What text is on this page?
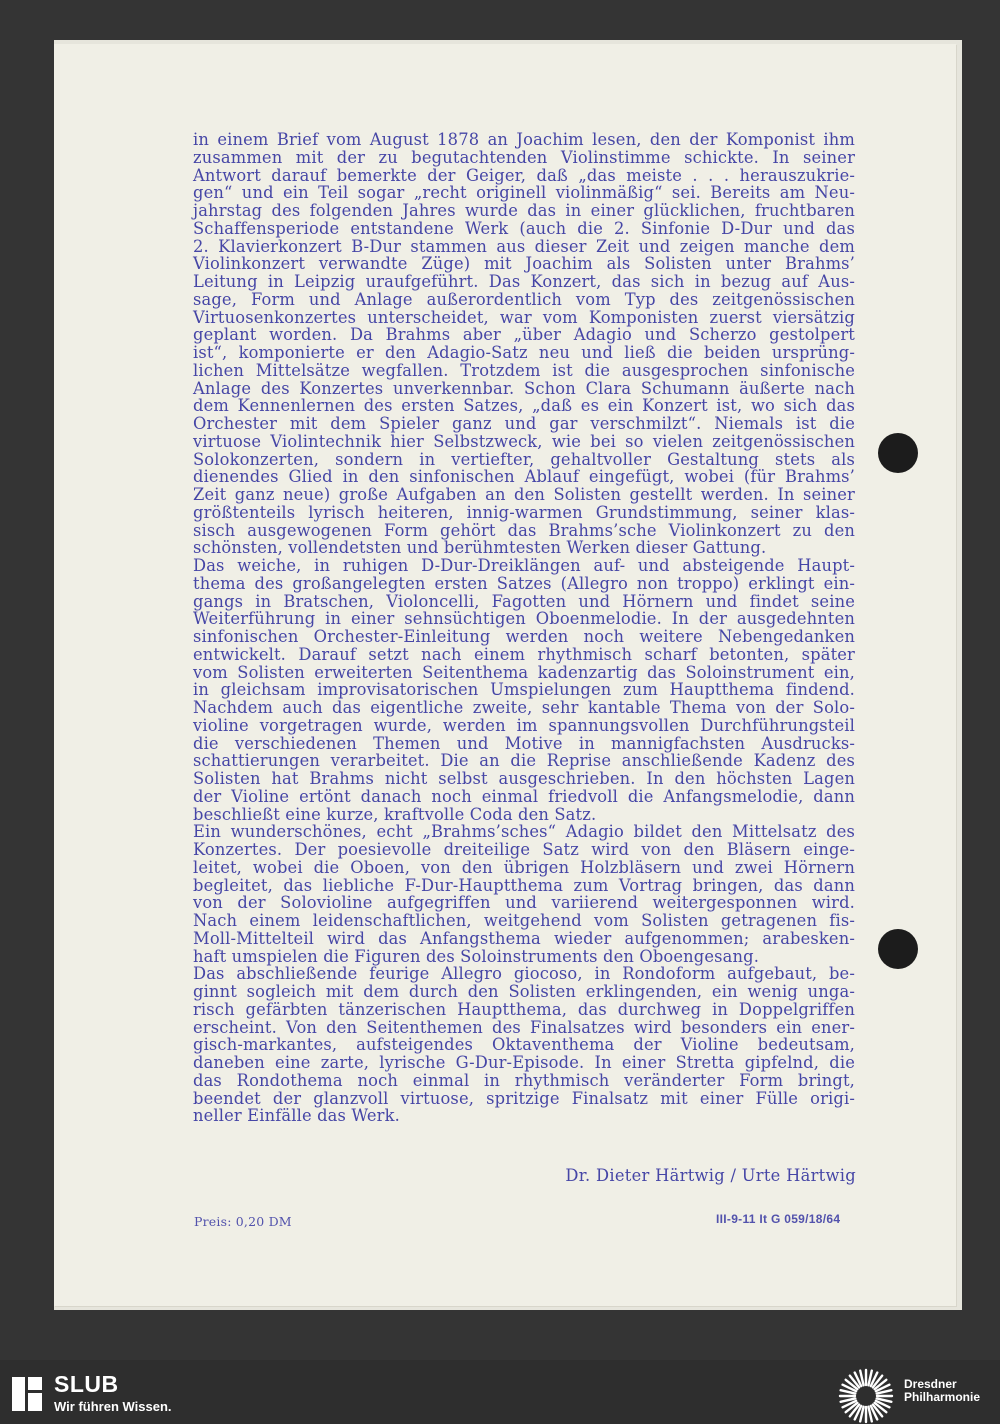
in einem Brief vom August 1878 an Joachim lesen, den der Komponist ihm
zusammen mit der zu begutachtenden Violinstimme schickte. In seiner
Antwort darauf bemerkte der Geiger, daß „das meiste . . . herauszukrie-
gen“ und ein Teil sogar „recht originell violinmäßig“ sei. Bereits am Neu-
jahrstag des folgenden Jahres wurde das in einer glücklichen, fruchtbaren
Schaffensperiode entstandene Werk (auch die 2. Sinfonie D-Dur und das
2. Klavierkonzert B-Dur stammen aus dieser Zeit und zeigen manche dem
Violinkonzert verwandte Züge) mit Joachim als Solisten unter Brahms’
Leitung in Leipzig uraufgeführt. Das Konzert, das sich in bezug auf Aus-
sage, Form und Anlage außerordentlich vom Typ des zeitgenössischen
Virtuosenkonzertes unterscheidet, war vom Komponisten zuerst viersätzig
geplant worden. Da Brahms aber „über Adagio und Scherzo gestolpert
ist“, komponierte er den Adagio-Satz neu und ließ die beiden ursprüng-
lichen Mittelsätze wegfallen. Trotzdem ist die ausgesprochen sinfonische
Anlage des Konzertes unverkennbar. Schon Clara Schumann äußerte nach
dem Kennenlernen des ersten Satzes, „daß es ein Konzert ist, wo sich das
Orchester mit dem Spieler ganz und gar verschmilzt“. Niemals ist die
virtuose Violintechnik hier Selbstzweck, wie bei so vielen zeitgenössischen
Solokonzerten, sondern in vertiefter, gehaltvoller Gestaltung stets als
dienendes Glied in den sinfonischen Ablauf eingefügt, wobei (für Brahms’
Zeit ganz neue) große Aufgaben an den Solisten gestellt werden. In seiner
größtenteils lyrisch heiteren, innig-warmen Grundstimmung, seiner klas-
sisch ausgewogenen Form gehört das Brahms’sche Violinkonzert zu den
schönsten, vollendetsten und berühmtesten Werken dieser Gattung.
Das weiche, in ruhigen D-Dur-Dreiklängen auf- und absteigende Haupt-
thema des großangelegten ersten Satzes (Allegro non troppo) erklingt ein-
gangs in Bratschen, Violoncelli, Fagotten und Hörnern und findet seine
Weiterführung in einer sehnsüchtigen Oboenmelodie. In der ausgedehnten
sinfonischen Orchester-Einleitung werden noch weitere Nebengedanken
entwickelt. Darauf setzt nach einem rhythmisch scharf betonten, später
vom Solisten erweiterten Seitenthema kadenzartig das Soloinstrument ein,
in gleichsam improvisatorischen Umspielungen zum Hauptthema findend.
Nachdem auch das eigentliche zweite, sehr kantable Thema von der Solo-
violine vorgetragen wurde, werden im spannungsvollen Durchführungsteil
die verschiedenen Themen und Motive in mannigfachsten Ausdrucks-
schattierungen verarbeitet. Die an die Reprise anschließende Kadenz des
Solisten hat Brahms nicht selbst ausgeschrieben. In den höchsten Lagen
der Violine ertönt danach noch einmal friedvoll die Anfangsmelodie, dann
beschließt eine kurze, kraftvolle Coda den Satz.
Ein wunderschönes, echt „Brahms’sches“ Adagio bildet den Mittelsatz des
Konzertes. Der poesievolle dreiteilige Satz wird von den Bläsern einge-
leitet, wobei die Oboen, von den übrigen Holzbläsern und zwei Hörnern
begleitet, das liebliche F-Dur-Hauptthema zum Vortrag bringen, das dann
von der Solovioline aufgegriffen und variierend weitergesponnen wird.
Nach einem leidenschaftlichen, weitgehend vom Solisten getragenen fis-
Moll-Mittelteil wird das Anfangsthema wieder aufgenommen; arabesken-
haft umspielen die Figuren des Soloinstruments den Oboengesang.
Das abschließende feurige Allegro giocoso, in Rondoform aufgebaut, be-
ginnt sogleich mit dem durch den Solisten erklingenden, ein wenig unga-
risch gefärbten tänzerischen Hauptthema, das durchweg in Doppelgriffen
erscheint. Von den Seitenthemen des Finalsatzes wird besonders ein ener-
gisch-markantes, aufsteigendes Oktaventhema der Violine bedeutsam,
daneben eine zarte, lyrische G-Dur-Episode. In einer Stretta gipfelnd, die
das Rondothema noch einmal in rhythmisch veränderter Form bringt,
beendet der glanzvoll virtuose, spritzige Finalsatz mit einer Fülle origi-
neller Einfälle das Werk.
Dr. Dieter Härtwig / Urte Härtwig
Preis: 0,20 DM	III-9-11 It G 059/18/64
SLUB
Wir führen Wissen.
Dresdner
Philharmonie
